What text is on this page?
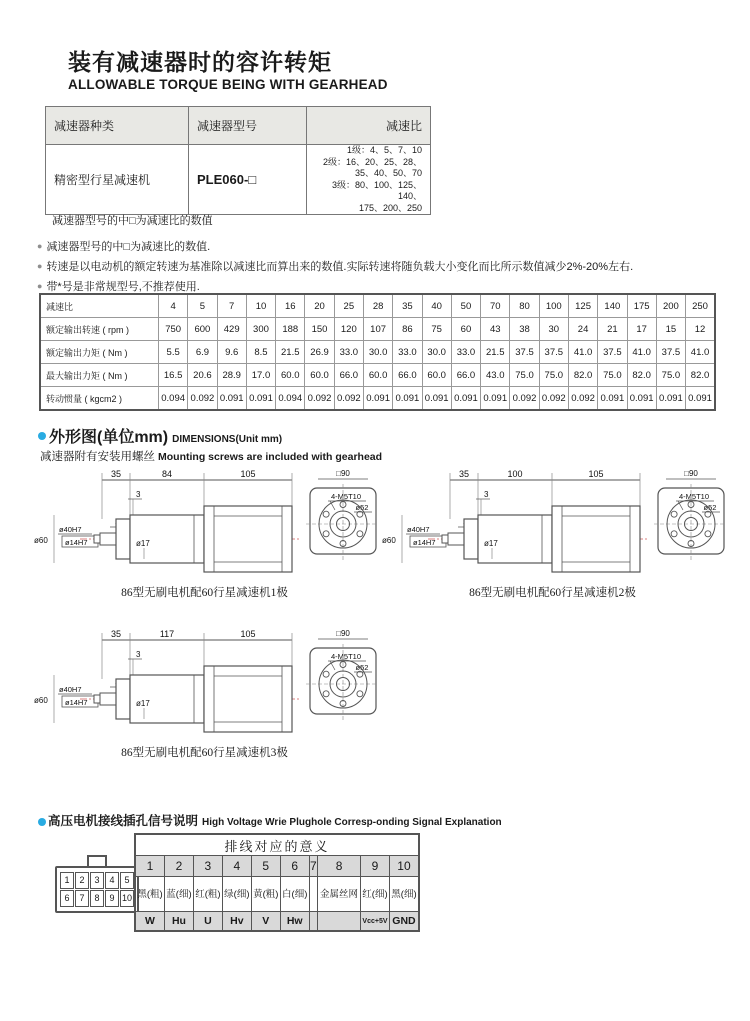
装有减速器时的容许转矩
ALLOWABLE TORQUE BEING WITH GEARHEAD
减速器种类	减速器型号	减速比
精密型行星减速机	PLE060-□	1级：4、5、7、10
2级：16、20、25、28、
35、40、50、70
3级：80、100、125、140、
175、200、250
减速器型号的中□为减速比的数值
● 减速器型号的中□为减速比的数值.
● 转速是以电动机的额定转速为基准除以减速比而算出来的数值.实际转速将随负载大小变化而比所示数值减少2%-20%左右.
● 带*号是非常规型号,不推荐使用.
减速比	4	5	7	10	16	20	25	28	35	40	50	70	80	100	125	140	175	200	250
额定输出转速 ( rpm )	750	600	429	300	188	150	120	107	86	75	60	43	38	30	24	21	17	15	12
额定输出力矩 ( Nm )	5.5	6.9	9.6	8.5	21.5	26.9	33.0	30.0	33.0	30.0	33.0	21.5	37.5	37.5	41.0	37.5	41.0	37.5	41.0
最大输出力矩 ( Nm )	16.5	20.6	28.9	17.0	60.0	60.0	66.0	60.0	66.0	60.0	66.0	43.0	75.0	75.0	82.0	75.0	82.0	75.0	82.0
转动惯量 ( kgcm2 )	0.094	0.092	0.091	0.091	0.094	0.092	0.092	0.091	0.091	0.091	0.091	0.091	0.092	0.092	0.092	0.091	0.091	0.091	0.091
外形图(单位mm) DIMENSIONS(Unit mm)
减速器附有安装用螺丝 Mounting screws are included with gearhead
35	84	105
3
ø60
ø40H7
ø14H7	ø17
□90
4-M5T10
ø52
86型无刷电机配60行星减速机1极
35	100	105
3
ø60
ø40H7
ø14H7	ø17
□90
4-M5T10
ø52
86型无刷电机配60行星减速机2极
35	117	105
3
ø60
ø40H7
ø14H7	ø17
□90
4-M5T10
ø52
86型无刷电机配60行星减速机3极
高压电机接线插孔信号说明 High Voltage Wrie Plughole Corresp-onding Signal Explanation
1	2	3	4	5
6	7	8	9 10
排线对应的意义									
1	2	3	4	5	6	7	8	9	10
黑(粗)	蓝(细)	红(粗)	绿(细)	黄(粗)	白(细)		金属丝网	红(细)	黑(细)
W	Hu	U	Hv	V	Hw			Vcc+5V	GND
